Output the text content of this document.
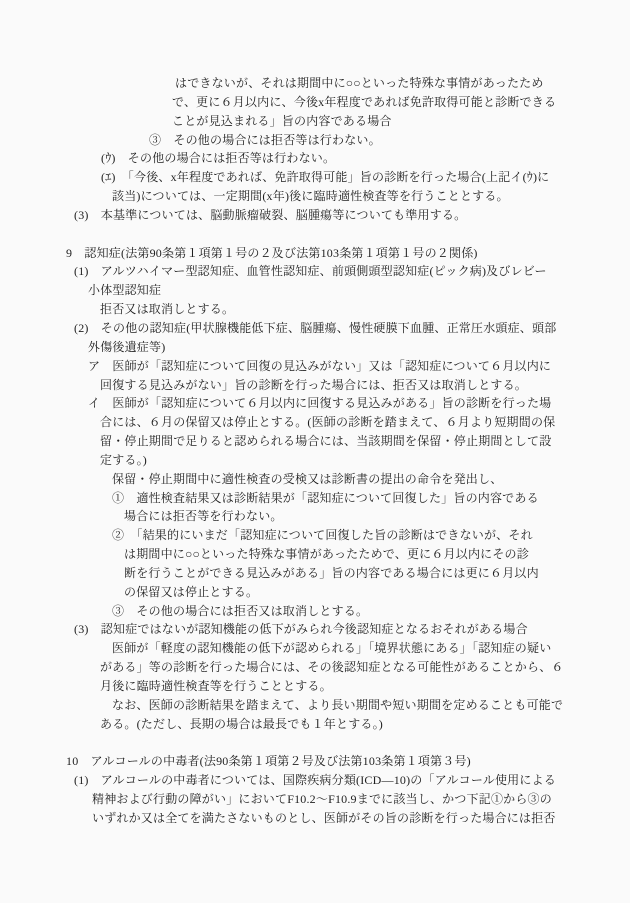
はできないが、それは期間中に○○といった特殊な事情があったため
で、更に６月以内に、今後x年程度であれば免許取得可能と診断できる
ことが見込まれる」旨の内容である場合
③　その他の場合には拒否等は行わない。
(ｳ)　その他の場合には拒否等は行わない。
(ｴ)　「今後、x年程度であれば、免許取得可能」旨の診断を行った場合(上記イ(ｳ)に
該当)については、一定期間(x年)後に臨時適性検査等を行うこととする。
(3)　本基準については、脳動脈瘤破裂、脳腫瘍等についても準用する。
9　認知症(法第90条第１項第１号の２及び法第103条第１項第１号の２関係)
(1)　アルツハイマー型認知症、血管性認知症、前頭側頭型認知症(ピック病)及びレビー
小体型認知症
拒否又は取消しとする。
(2)　その他の認知症(甲状腺機能低下症、脳腫瘍、慢性硬膜下血腫、正常圧水頭症、頭部
外傷後遺症等)
ア　医師が「認知症について回復の見込みがない」又は「認知症について６月以内に
回復する見込みがない」旨の診断を行った場合には、拒否又は取消しとする。
イ　医師が「認知症について６月以内に回復する見込みがある」旨の診断を行った場
合には、６月の保留又は停止とする。(医師の診断を踏まえて、６月より短期間の保
留・停止期間で足りると認められる場合には、当該期間を保留・停止期間として設
定する。)
保留・停止期間中に適性検査の受検又は診断書の提出の命令を発出し、
①　適性検査結果又は診断結果が「認知症について回復した」旨の内容である
場合には拒否等を行わない。
②　「結果的にいまだ「認知症について回復した旨の診断はできないが、それ
は期間中に○○といった特殊な事情があったためで、更に６月以内にその診
断を行うことができる見込みがある」旨の内容である場合には更に６月以内
の保留又は停止とする。
③　その他の場合には拒否又は取消しとする。
(3)　認知症ではないが認知機能の低下がみられ今後認知症となるおそれがある場合
医師が「軽度の認知機能の低下が認められる」「境界状態にある」「認知症の疑い
がある」等の診断を行った場合には、その後認知症となる可能性があることから、６
月後に臨時適性検査等を行うこととする。
なお、医師の診断結果を踏まえて、より長い期間や短い期間を定めることも可能で
ある。(ただし、長期の場合は最長でも１年とする。)
10　アルコールの中毒者(法90条第１項第２号及び法第103条第１項第３号)
(1)　アルコールの中毒者については、国際疾病分類(ICD―10)の「アルコール使用による
精神および行動の障がい」においてF10.2～F10.9までに該当し、かつ下記①から③の
いずれか又は全てを満たさないものとし、医師がその旨の診断を行った場合には拒否
